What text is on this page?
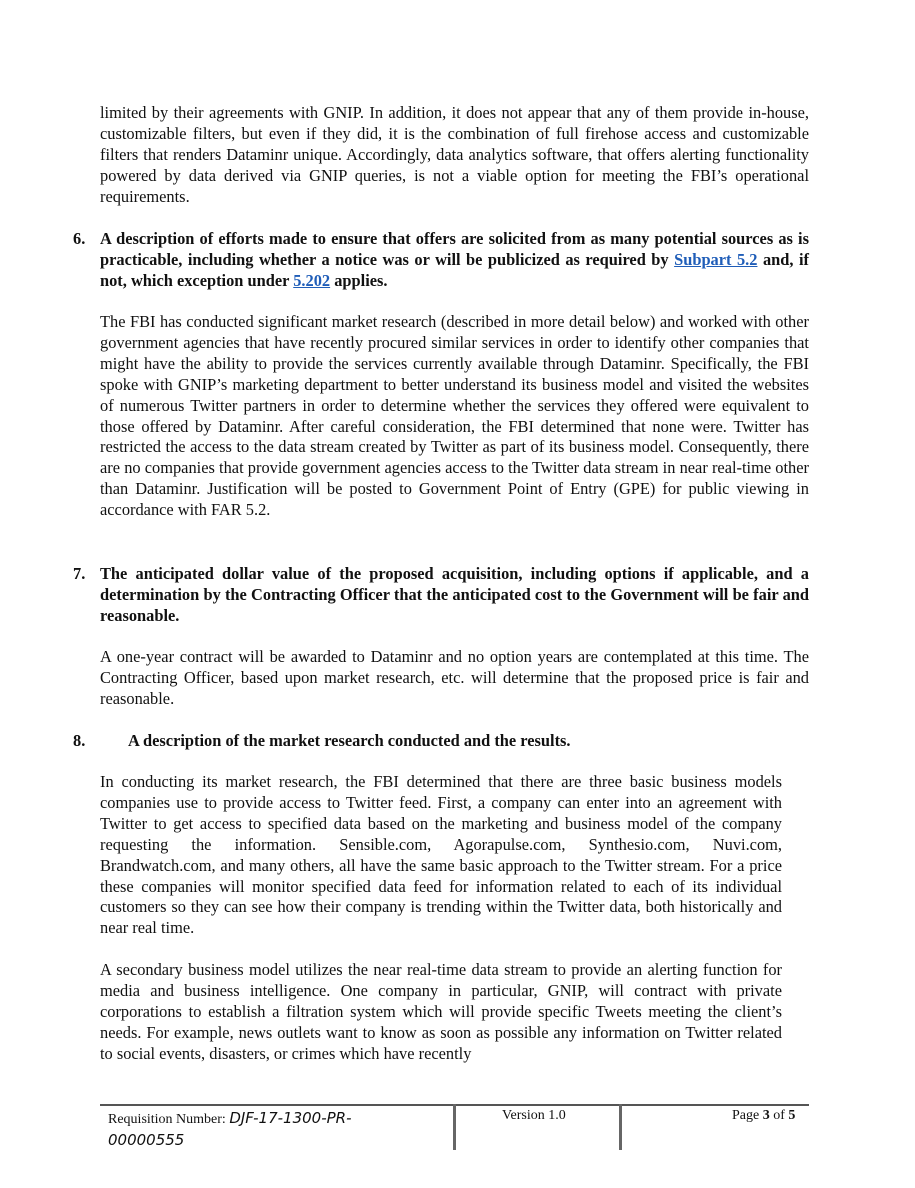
limited by their agreements with GNIP. In addition, it does not appear that any of them provide in-house, customizable filters, but even if they did, it is the combination of full firehose access and customizable filters that renders Dataminr unique. Accordingly, data analytics software, that offers alerting functionality powered by data derived via GNIP queries, is not a viable option for meeting the FBI’s operational requirements.

6. A description of efforts made to ensure that offers are solicited from as many potential sources as is practicable, including whether a notice was or will be publicized as required by Subpart 5.2 and, if not, which exception under 5.202 applies.

The FBI has conducted significant market research (described in more detail below) and worked with other government agencies that have recently procured similar services in order to identify other companies that might have the ability to provide the services currently available through Dataminr. Specifically, the FBI spoke with GNIP’s marketing department to better understand its business model and visited the websites of numerous Twitter partners in order to determine whether the services they offered were equivalent to those offered by Dataminr. After careful consideration, the FBI determined that none were. Twitter has restricted the access to the data stream created by Twitter as part of its business model. Consequently, there are no companies that provide government agencies access to the Twitter data stream in near real-time other than Dataminr. Justification will be posted to Government Point of Entry (GPE) for public viewing in accordance with FAR 5.2.

7. The anticipated dollar value of the proposed acquisition, including options if applicable, and a determination by the Contracting Officer that the anticipated cost to the Government will be fair and reasonable.

A one-year contract will be awarded to Dataminr and no option years are contemplated at this time. The Contracting Officer, based upon market research, etc. will determine that the proposed price is fair and reasonable.

8.	A description of the market research conducted and the results.

In conducting its market research, the FBI determined that there are three basic business models companies use to provide access to Twitter feed. First, a company can enter into an agreement with Twitter to get access to specified data based on the marketing and business model of the company requesting the information. Sensible.com, Agorapulse.com, Synthesio.com, Nuvi.com, Brandwatch.com, and many others, all have the same basic approach to the Twitter stream. For a price these companies will monitor specified data feed for information related to each of its individual customers so they can see how their company is trending within the Twitter data, both historically and near real time.

A secondary business model utilizes the near real-time data stream to provide an alerting function for media and business intelligence. One company in particular, GNIP, will contract with private corporations to establish a filtration system which will provide specific Tweets meeting the client’s needs. For example, news outlets want to know as soon as possible any information on Twitter related to social events, disasters, or crimes which have recently

Requisition Number: DJF-17-1300-PR-
00000555
Version 1.0	Page 3 of 5
